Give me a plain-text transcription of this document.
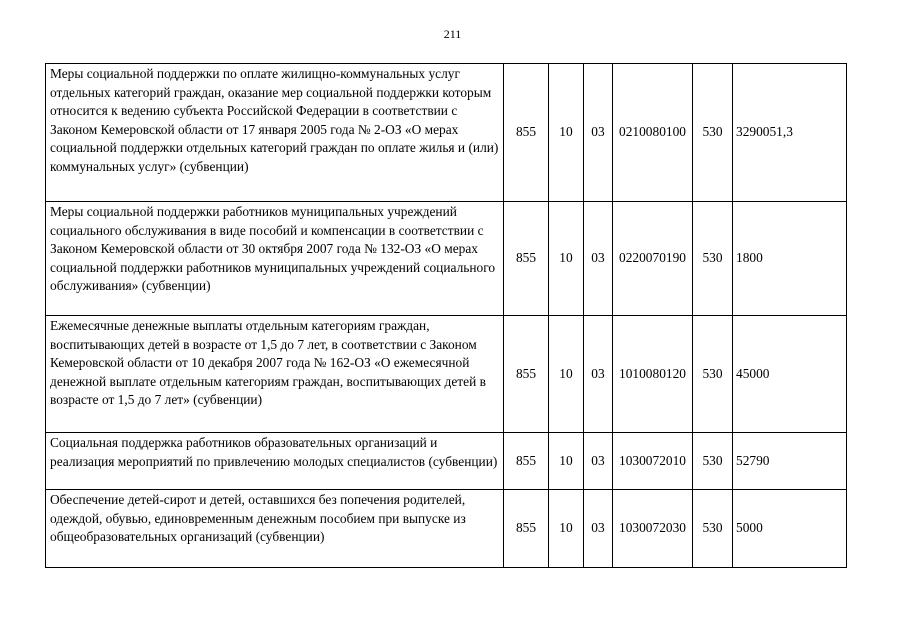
211
Меры социальной поддержки по оплате жилищно-коммунальных услуг отдельных категорий граждан, оказание мер социальной поддержки которым относится к ведению субъекта Российской Федерации в соответствии с Законом Кемеровской области от 17 января 2005 года № 2-ОЗ «О мерах социальной поддержки отдельных категорий граждан по оплате жилья и (или) коммунальных услуг» (субвенции)	855	10	03	0210080100	530	3290051,3
Меры социальной поддержки работников муниципальных учреждений социального обслуживания в виде пособий и компенсации в соответствии с Законом Кемеровской области от 30 октября 2007 года № 132-ОЗ «О мерах социальной поддержки работников муниципальных учреждений социального обслуживания» (субвенции)	855	10	03	0220070190	530	1800
Ежемесячные денежные выплаты отдельным категориям граждан, воспитывающих детей в возрасте от 1,5 до 7 лет, в соответствии с Законом Кемеровской области от 10 декабря 2007 года № 162-ОЗ «О ежемесячной денежной выплате отдельным категориям граждан, воспитывающих детей в возрасте от 1,5 до 7 лет» (субвенции)	855	10	03	1010080120	530	45000
Социальная поддержка работников образовательных организаций и реализация мероприятий по привлечению молодых специалистов (субвенции)	855	10	03	1030072010	530	52790
Обеспечение детей-сирот и детей, оставшихся без попечения родителей, одеждой, обувью, единовременным денежным пособием при выпуске из общеобразовательных организаций (субвенции)	855	10	03	1030072030	530	5000
